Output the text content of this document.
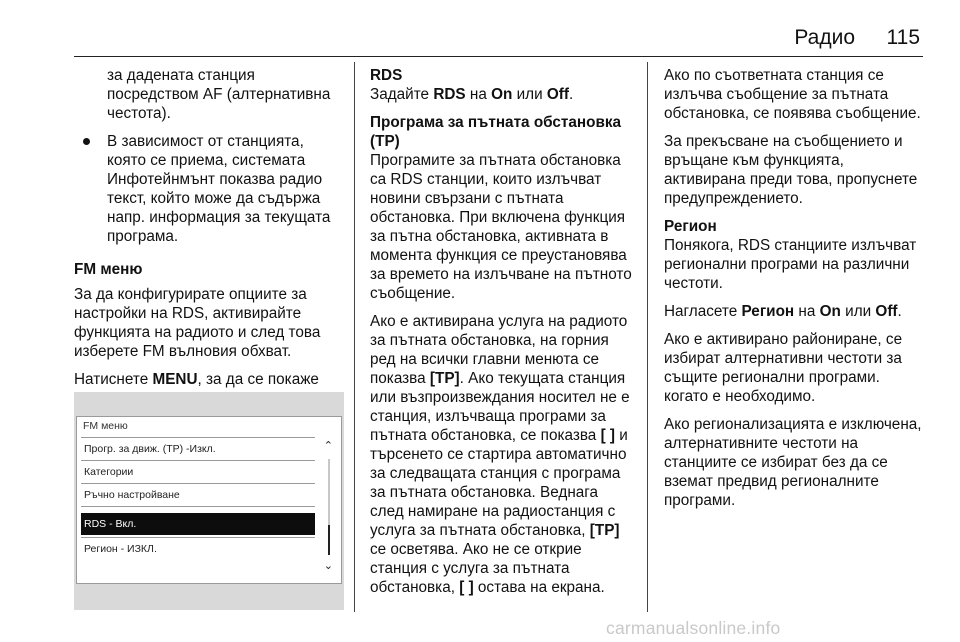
Радио 115

за дадената станция посредством AF (алтернативна честота).

В зависимост от станцията, която се приема, системата Инфотейнмънт показва радио текст, който може да съдържа напр. информация за текущата програма.

FM меню

За да конфигурирате опциите за настройки на RDS, активирайте функцията на радиото и след това изберете FM вълновия обхват.

Натиснете MENU, за да се покаже

FM меню
Прогр. за движ. (TP) -Изкл.
Категории
Ръчно настройване
RDS - Вкл.
Регион - ИЗКЛ.
⌃
⌄
RDS

Задайте RDS на On или Off.

Програма за пътната обстановка (TP)

Програмите за пътната обстановка са RDS станции, които излъчват новини свързани с пътната обстановка. При включена функция за пътна обстановка, активната в момента функция се преустановява за времето на излъчване на пътното съобщение.

Ако е активирана услуга на радиото за пътната обстановка, на горния ред на всички главни менюта се показва [TP]. Ако текущата станция или възпроизвеждания носител не е станция, излъчваща програми за пътната обстановка, се показва [ ] и търсенето се стартира автоматично за следващата станция с програма за пътната обстановка. Веднага след намиране на радиостанция с услуга за пътната обстановка, [TP] се осветява. Ако не се открие станция с услуга за пътната обстановка, [ ] остава на екрана.

Ако по съответната станция се излъчва съобщение за пътната обстановка, се появява съобщение.

За прекъсване на съобщението и връщане към функцията, активирана преди това, пропуснете предупреждението.

Регион

Понякога, RDS станциите излъчват регионални програми на различни честоти.

Нагласете Регион на On или Off.

Ако е активирано райониране, се избират алтернативни честоти за същите регионални програми. когато е необходимо.

Ако регионализацията е изключена, алтернативните честоти на станциите се избират без да се вземат предвид регионалните програми.

carmanualsonline.info
